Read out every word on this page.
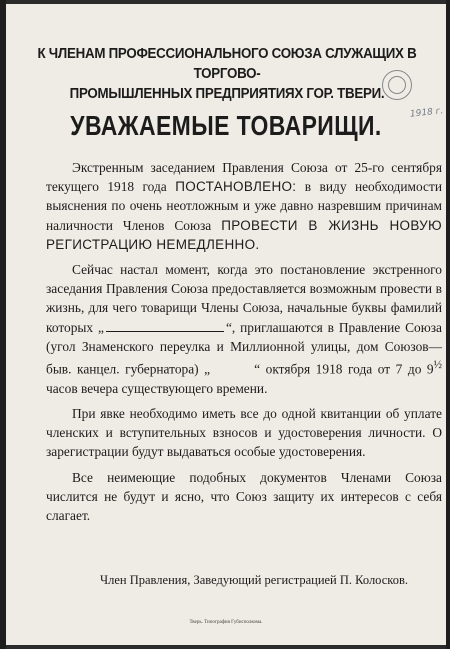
К ЧЛЕНАМ ПРОФЕССИОНАЛЬНОГО СОЮЗА СЛУЖАЩИХ В ТОРГОВО-
ПРОМЫШЛЕННЫХ ПРЕДПРИЯТИЯХ ГОР. ТВЕРИ.
1918 г.
УВАЖАЕМЫЕ ТОВАРИЩИ.

Экстренным заседанием Правления Союза от 25-го сентября текущего 1918 года ПОСТАНОВЛЕНО: в виду необходимости выяснения по очень неотложным и уже давно назревшим причинам наличности Членов Союза ПРОВЕСТИ В ЖИЗНЬ НОВУЮ РЕГИСТРАЦИЮ НЕМЕДЛЕННО.

Сейчас настал момент, когда это постановление экстренного заседания Правления Союза предоставляется возможным провести в жизнь, для чего товарищи Члены Союза, начальные буквы фамилий которых „	“, приглашаются в Правление Союза (угол Знаменского переулка и Миллионной улицы, дом Союзов—быв. канцел. губернатора) „	“ октября 1918 года от 7 до $9^{\frac{1}{2}}$ часов вечера существующего времени.

При явке необходимо иметь все до одной квитанции об уплате членских и вступительных взносов и удостоверения личности. О зарегистрации будут выдаваться особые удостоверения.

Все неимеющие подобных документов Членами Союза числится не будут и ясно, что Союз защиту их интересов с себя слагает.

Член Правления, Заведующий регистрацией П. Колосков.
Тверь. Типография Губисполкома.
